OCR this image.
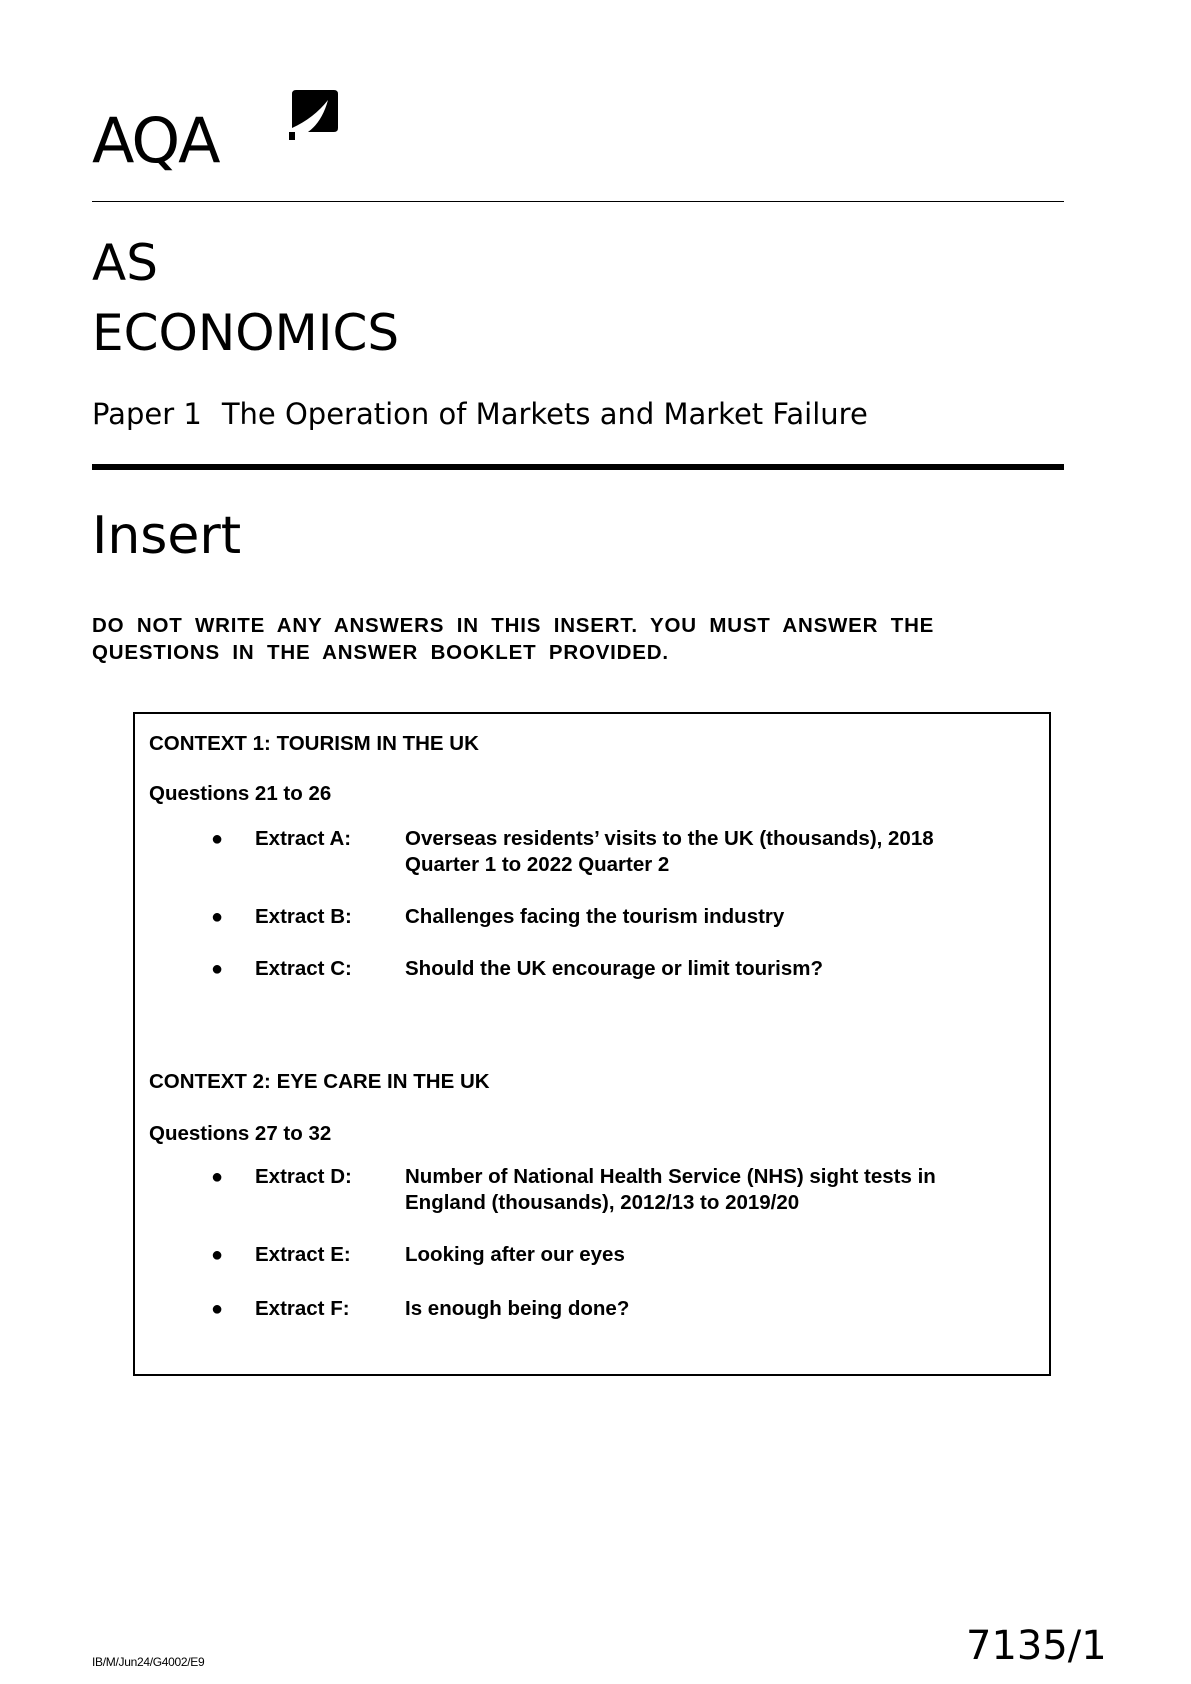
AQA
AS
ECONOMICS
Paper 1 The Operation of Markets and Market Failure
Insert
DO NOT WRITE ANY ANSWERS IN THIS INSERT. YOU MUST ANSWER THE QUESTIONS IN THE ANSWER BOOKLET PROVIDED.
CONTEXT 1: TOURISM IN THE UK
Questions 21 to 26
● Extract A:	Overseas residents’ visits to the UK (thousands), 2018 Quarter 1 to 2022 Quarter 2
● Extract B:	Challenges facing the tourism industry
● Extract C:	Should the UK encourage or limit tourism?
CONTEXT 2: EYE CARE IN THE UK
Questions 27 to 32
● Extract D:	Number of National Health Service (NHS) sight tests in England (thousands), 2012/13 to 2019/20
● Extract E:	Looking after our eyes
● Extract F:	Is enough being done?
IB/M/Jun24/G4002/E9	7135/1
